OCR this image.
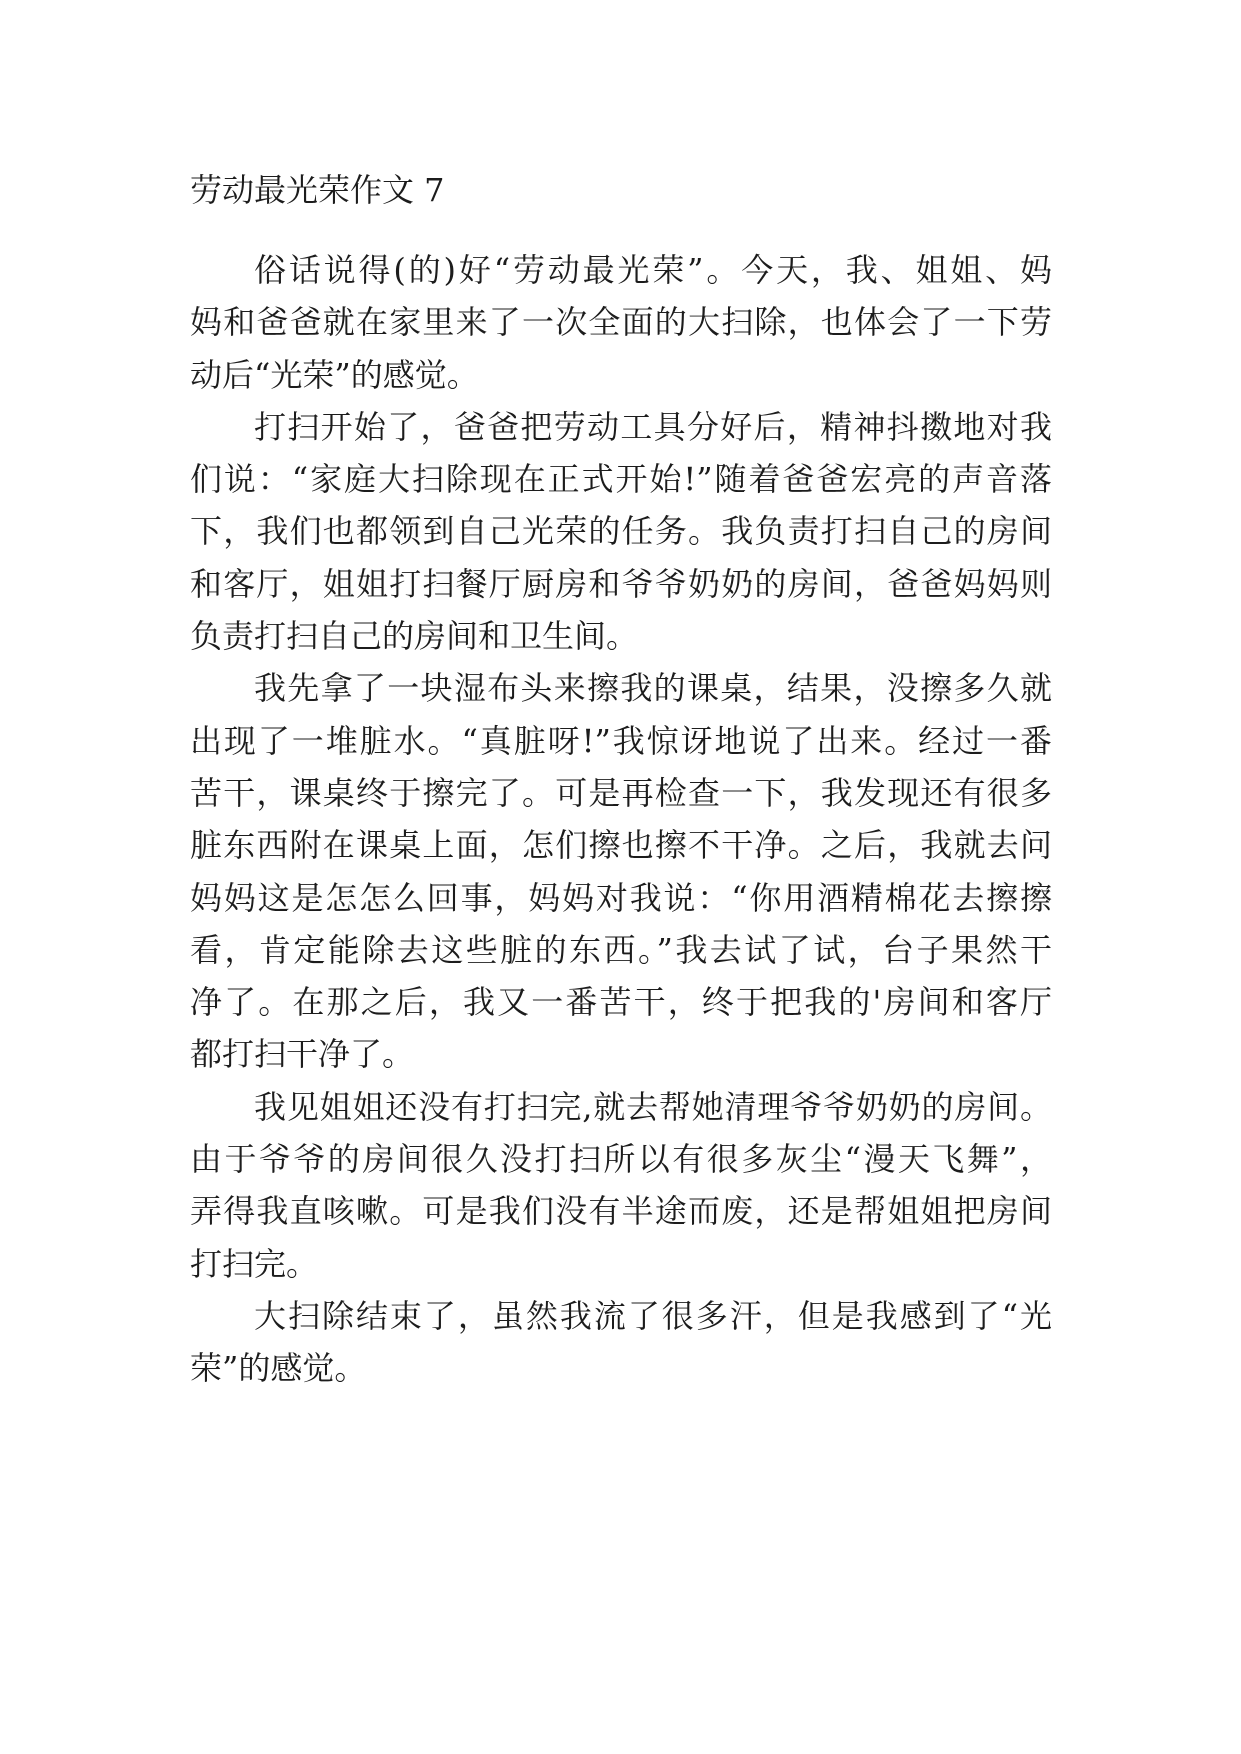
劳动最光荣作文 7
俗话说得(的)好“劳动最光荣”。今天，我、姐姐、妈
妈和爸爸就在家里来了一次全面的大扫除，也体会了一下劳
动后“光荣”的感觉。
打扫开始了，爸爸把劳动工具分好后，精神抖擞地对我
们说：“家庭大扫除现在正式开始!”随着爸爸宏亮的声音落
下，我们也都领到自己光荣的任务。我负责打扫自己的房间
和客厅，姐姐打扫餐厅厨房和爷爷奶奶的房间，爸爸妈妈则
负责打扫自己的房间和卫生间。
我先拿了一块湿布头来擦我的课桌，结果，没擦多久就
出现了一堆脏水。“真脏呀!”我惊讶地说了出来。经过一番
苦干，课桌终于擦完了。可是再检查一下，我发现还有很多
脏东西附在课桌上面，怎们擦也擦不干净。之后，我就去问
妈妈这是怎怎么回事，妈妈对我说：“你用酒精棉花去擦擦
看，肯定能除去这些脏的东西。”我去试了试，台子果然干
净了。在那之后，我又一番苦干，终于把我的'房间和客厅
都打扫干净了。
我见姐姐还没有打扫完,就去帮她清理爷爷奶奶的房间。
由于爷爷的房间很久没打扫所以有很多灰尘“漫天飞舞”，
弄得我直咳嗽。可是我们没有半途而废，还是帮姐姐把房间
打扫完。
大扫除结束了，虽然我流了很多汗，但是我感到了“光
荣”的感觉。
